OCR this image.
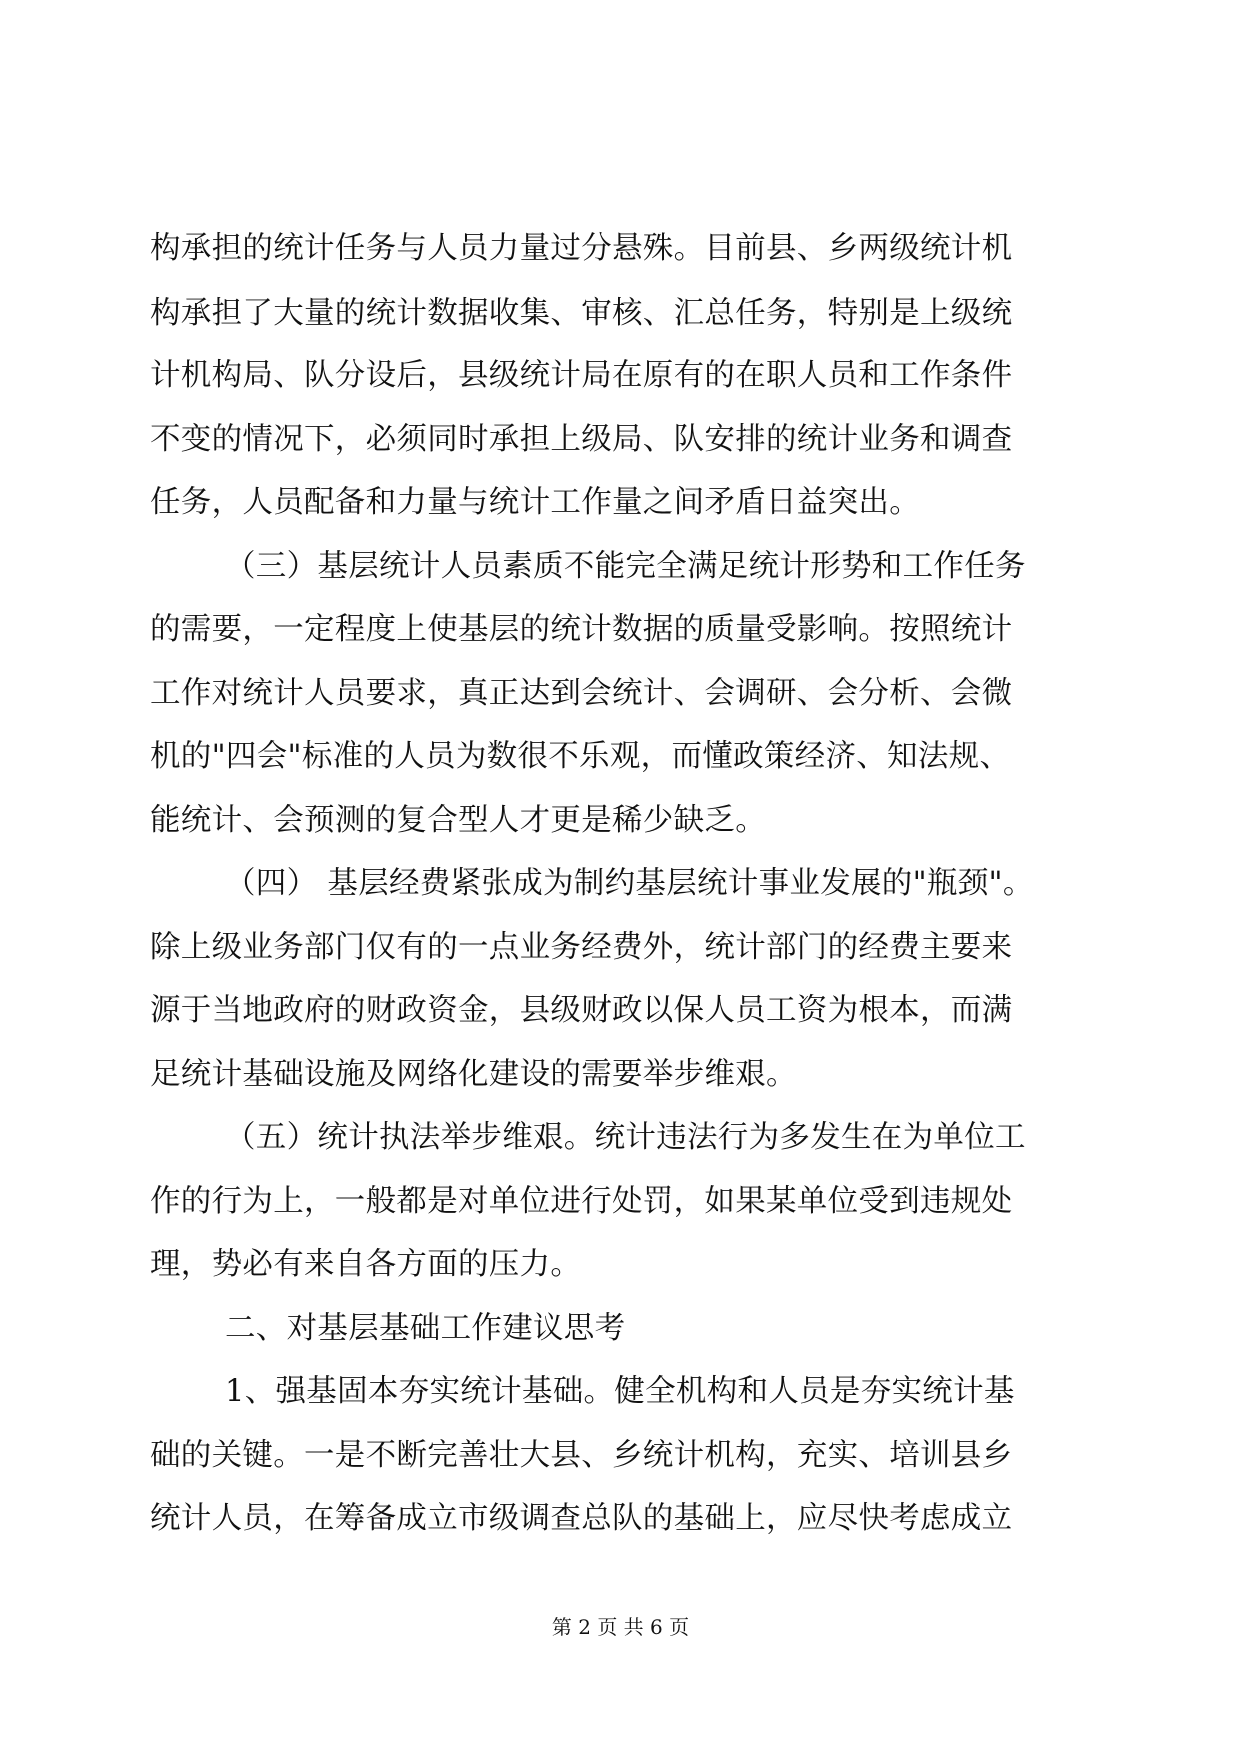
构承担的统计任务与人员力量过分悬殊。目前县、乡两级统计机
构承担了大量的统计数据收集、审核、汇总任务，特别是上级统
计机构局、队分设后，县级统计局在原有的在职人员和工作条件
不变的情况下，必须同时承担上级局、队安排的统计业务和调查
任务，人员配备和力量与统计工作量之间矛盾日益突出。
（三）基层统计人员素质不能完全满足统计形势和工作任务
的需要，一定程度上使基层的统计数据的质量受影响。按照统计
工作对统计人员要求，真正达到会统计、会调研、会分析、会微
机的"四会"标准的人员为数很不乐观，而懂政策经济、知法规、
能统计、会预测的复合型人才更是稀少缺乏。
（四） 基层经费紧张成为制约基层统计事业发展的"瓶颈"。
除上级业务部门仅有的一点业务经费外，统计部门的经费主要来
源于当地政府的财政资金，县级财政以保人员工资为根本，而满
足统计基础设施及网络化建设的需要举步维艰。
（五）统计执法举步维艰。统计违法行为多发生在为单位工
作的行为上，一般都是对单位进行处罚，如果某单位受到违规处
理，势必有来自各方面的压力。
二、对基层基础工作建议思考
1、强基固本夯实统计基础。健全机构和人员是夯实统计基
础的关键。一是不断完善壮大县、乡统计机构，充实、培训县乡
统计人员，在筹备成立市级调查总队的基础上，应尽快考虑成立
第 2 页 共 6 页
